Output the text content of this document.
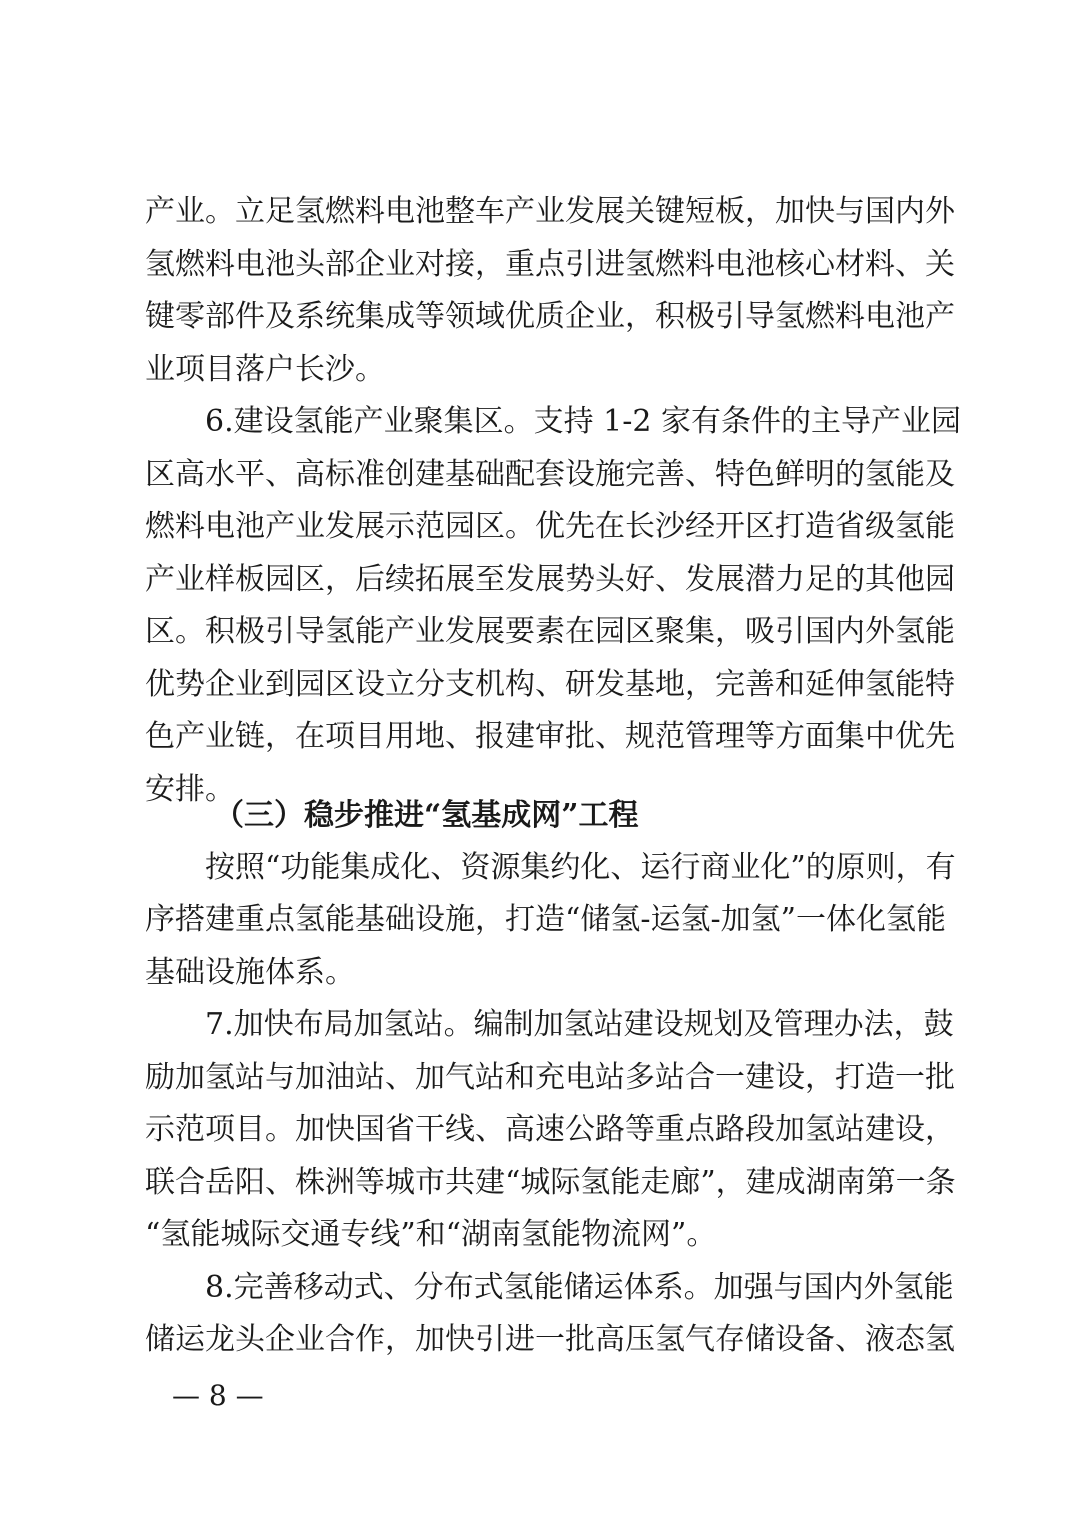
产业。立足氢燃料电池整车产业发展关键短板，加快与国内外
氢燃料电池头部企业对接，重点引进氢燃料电池核心材料、关
键零部件及系统集成等领域优质企业，积极引导氢燃料电池产
业项目落户长沙。
6.建设氢能产业聚集区。支持 1-2 家有条件的主导产业园
区高水平、高标准创建基础配套设施完善、特色鲜明的氢能及
燃料电池产业发展示范园区。优先在长沙经开区打造省级氢能
产业样板园区，后续拓展至发展势头好、发展潜力足的其他园
区。积极引导氢能产业发展要素在园区聚集，吸引国内外氢能
优势企业到园区设立分支机构、研发基地，完善和延伸氢能特
色产业链，在项目用地、报建审批、规范管理等方面集中优先
安排。
（三）稳步推进“氢基成网”工程
按照“功能集成化、资源集约化、运行商业化”的原则，有
序搭建重点氢能基础设施，打造“储氢-运氢-加氢”一体化氢能
基础设施体系。
7.加快布局加氢站。编制加氢站建设规划及管理办法，鼓
励加氢站与加油站、加气站和充电站多站合一建设，打造一批
示范项目。加快国省干线、高速公路等重点路段加氢站建设，
联合岳阳、株洲等城市共建“城际氢能走廊”，建成湖南第一条
“氢能城际交通专线”和“湖南氢能物流网”。
8.完善移动式、分布式氢能储运体系。加强与国内外氢能
储运龙头企业合作，加快引进一批高压氢气存储设备、液态氢
— 8 —
